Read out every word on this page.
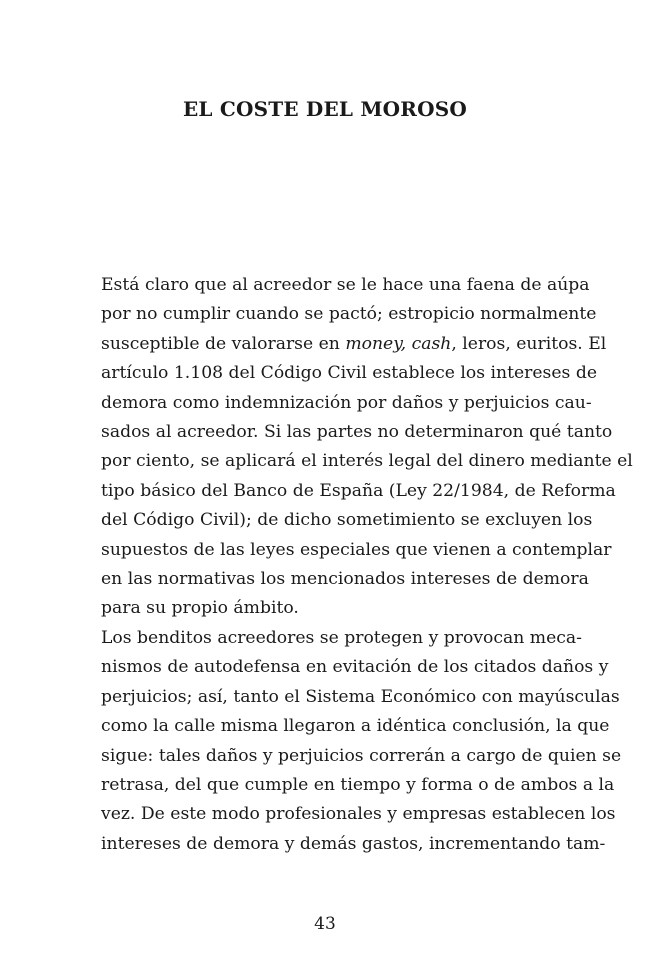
EL COSTE DEL MOROSO

Está claro que al acreedor se le hace una faena de aúpa
por no cumplir cuando se pactó; estropicio normalmente
susceptible de valorarse en money, cash, leros, euritos. El
artículo 1.108 del Código Civil establece los intereses de
demora como indemnización por daños y perjuicios cau-
sados al acreedor. Si las partes no determinaron qué tanto
por ciento, se aplicará el interés legal del dinero mediante el
tipo básico del Banco de España (Ley 22/1984, de Reforma
del Código Civil); de dicho sometimiento se excluyen los
supuestos de las leyes especiales que vienen a contemplar
en las normativas los mencionados intereses de demora
para su propio ámbito.

Los benditos acreedores se protegen y provocan meca-
nismos de autodefensa en evitación de los citados daños y
perjuicios; así, tanto el Sistema Económico con mayúsculas
como la calle misma llegaron a idéntica conclusión, la que
sigue: tales daños y perjuicios correrán a cargo de quien se
retrasa, del que cumple en tiempo y forma o de ambos a la
vez. De este modo profesionales y empresas establecen los
intereses de demora y demás gastos, incrementando tam-

43
